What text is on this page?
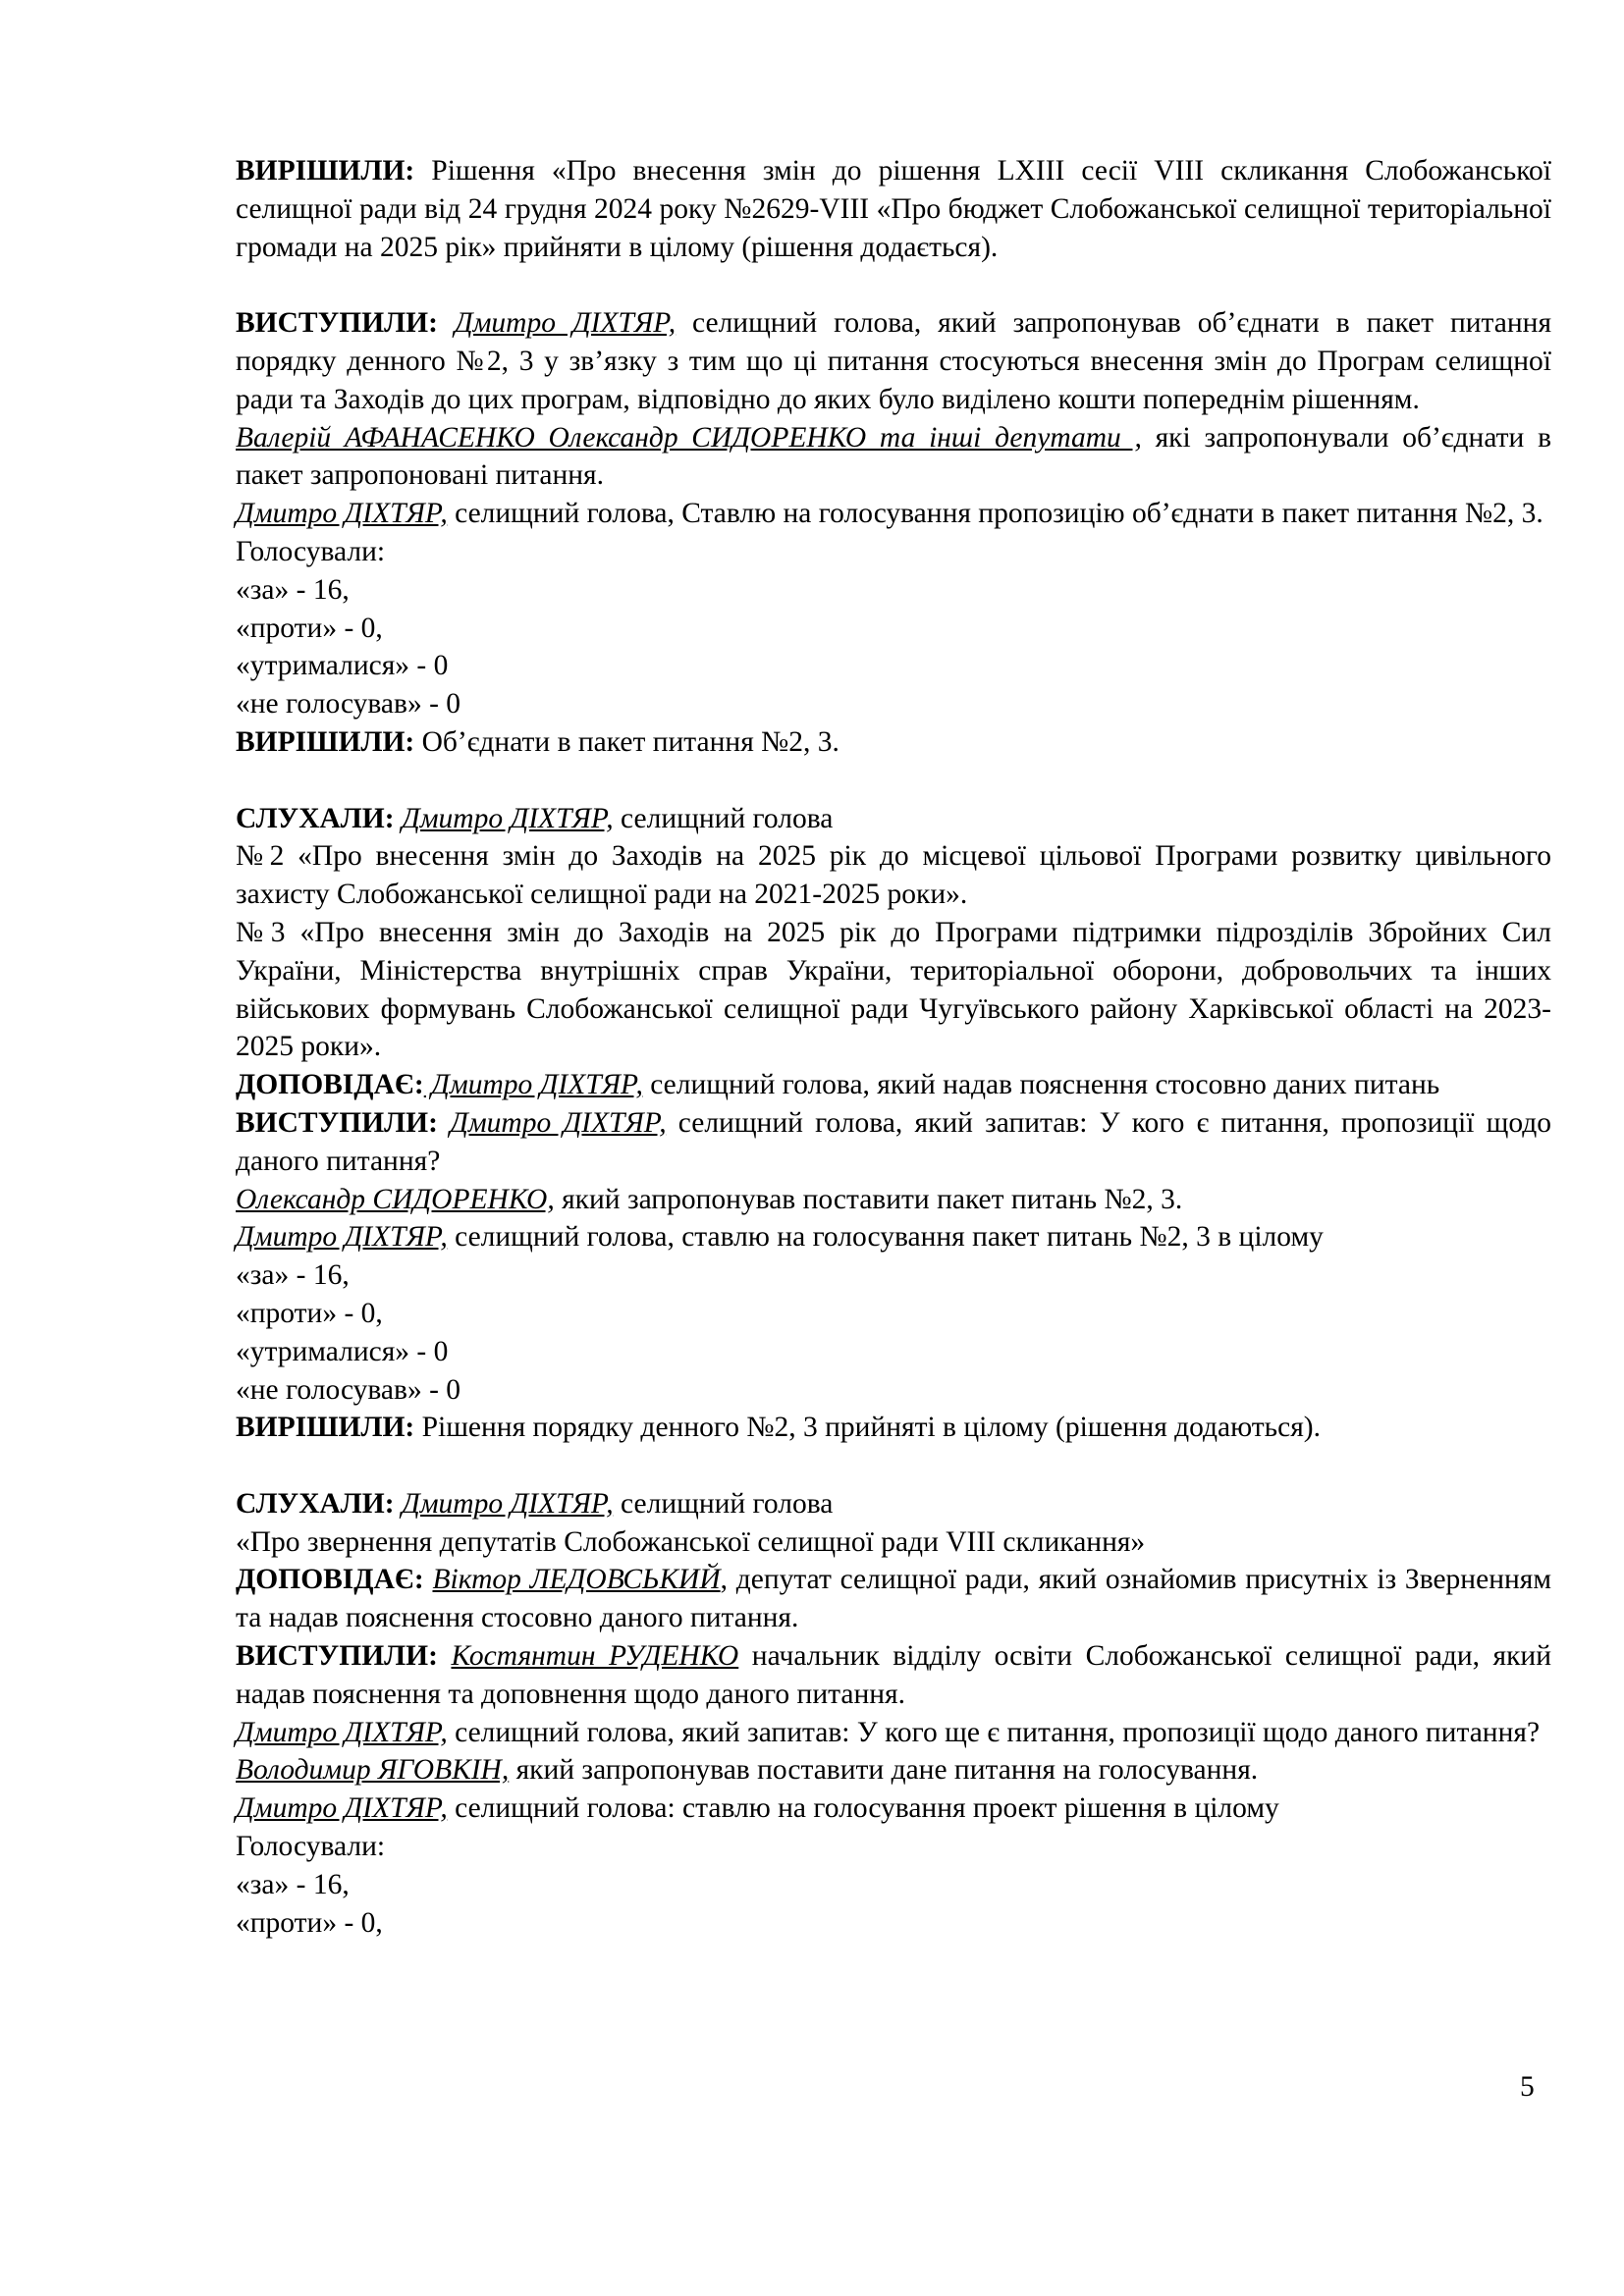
ВИРІШИЛИ: Рішення «Про внесення змін до рішення LXIII сесії VIII скликання Слобожанської селищної ради від 24 грудня 2024 року №2629-VIII «Про бюджет Слобожанської селищної територіальної громади на 2025 рік» прийняти в цілому (рішення додається).

ВИСТУПИЛИ: Дмитро ДІХТЯР, селищний голова, який запропонував об’єднати в пакет питання порядку денного №2, 3 у зв’язку з тим що ці питання стосуються внесення змін до Програм селищної ради та Заходів до цих програм, відповідно до яких було виділено кошти попереднім рішенням.

Валерій АФАНАСЕНКО Олександр СИДОРЕНКО та інші депутати , які запропонували об’єднати в пакет запропоновані питання.

Дмитро ДІХТЯР, селищний голова, Ставлю на голосування пропозицію об’єднати в пакет питання №2, 3.

Голосували:

«за» - 16,

«проти» - 0,

«утрималися» - 0

«не голосував» - 0

ВИРІШИЛИ: Об’єднати в пакет питання №2, 3.

СЛУХАЛИ: Дмитро ДІХТЯР, селищний голова

№2 «Про внесення змін до Заходів на 2025 рік до місцевої цільової Програми розвитку цивільного захисту Слобожанської селищної ради на 2021-2025 роки».

№3 «Про внесення змін до Заходів на 2025 рік до Програми підтримки підрозділів Збройних Сил України, Міністерства внутрішніх справ України, територіальної оборони, добровольчих та інших військових формувань Слобожанської селищної ради Чугуївського району Харківської області на 2023-2025 роки».

ДОПОВІДАЄ: Дмитро ДІХТЯР, селищний голова, який надав пояснення стосовно даних питань

ВИСТУПИЛИ: Дмитро ДІХТЯР, селищний голова, який запитав: У кого є питання, пропозиції щодо даного питання?

Олександр СИДОРЕНКО, який запропонував поставити пакет питань №2, 3.

Дмитро ДІХТЯР, селищний голова, ставлю на голосування пакет питань №2, 3 в цілому

«за» - 16,

«проти» - 0,

«утрималися» - 0

«не голосував» - 0

ВИРІШИЛИ: Рішення порядку денного №2, 3 прийняті в цілому (рішення додаються).

СЛУХАЛИ: Дмитро ДІХТЯР, селищний голова

«Про звернення депутатів Слобожанської селищної ради VIII скликання»

ДОПОВІДАЄ: Віктор ЛЕДОВСЬКИЙ, депутат селищної ради, який ознайомив присутніх із Зверненням та надав пояснення стосовно даного питання.

ВИСТУПИЛИ: Костянтин РУДЕНКО начальник відділу освіти Слобожанської селищної ради, який надав пояснення та доповнення щодо даного питання.

Дмитро ДІХТЯР, селищний голова, який запитав: У кого ще є питання, пропозиції щодо даного питання?

Володимир ЯГОВКІН, який запропонував поставити дане питання на голосування.

Дмитро ДІХТЯР, селищний голова: ставлю на голосування проект рішення в цілому

Голосували:

«за» - 16,

«проти» - 0,

5
